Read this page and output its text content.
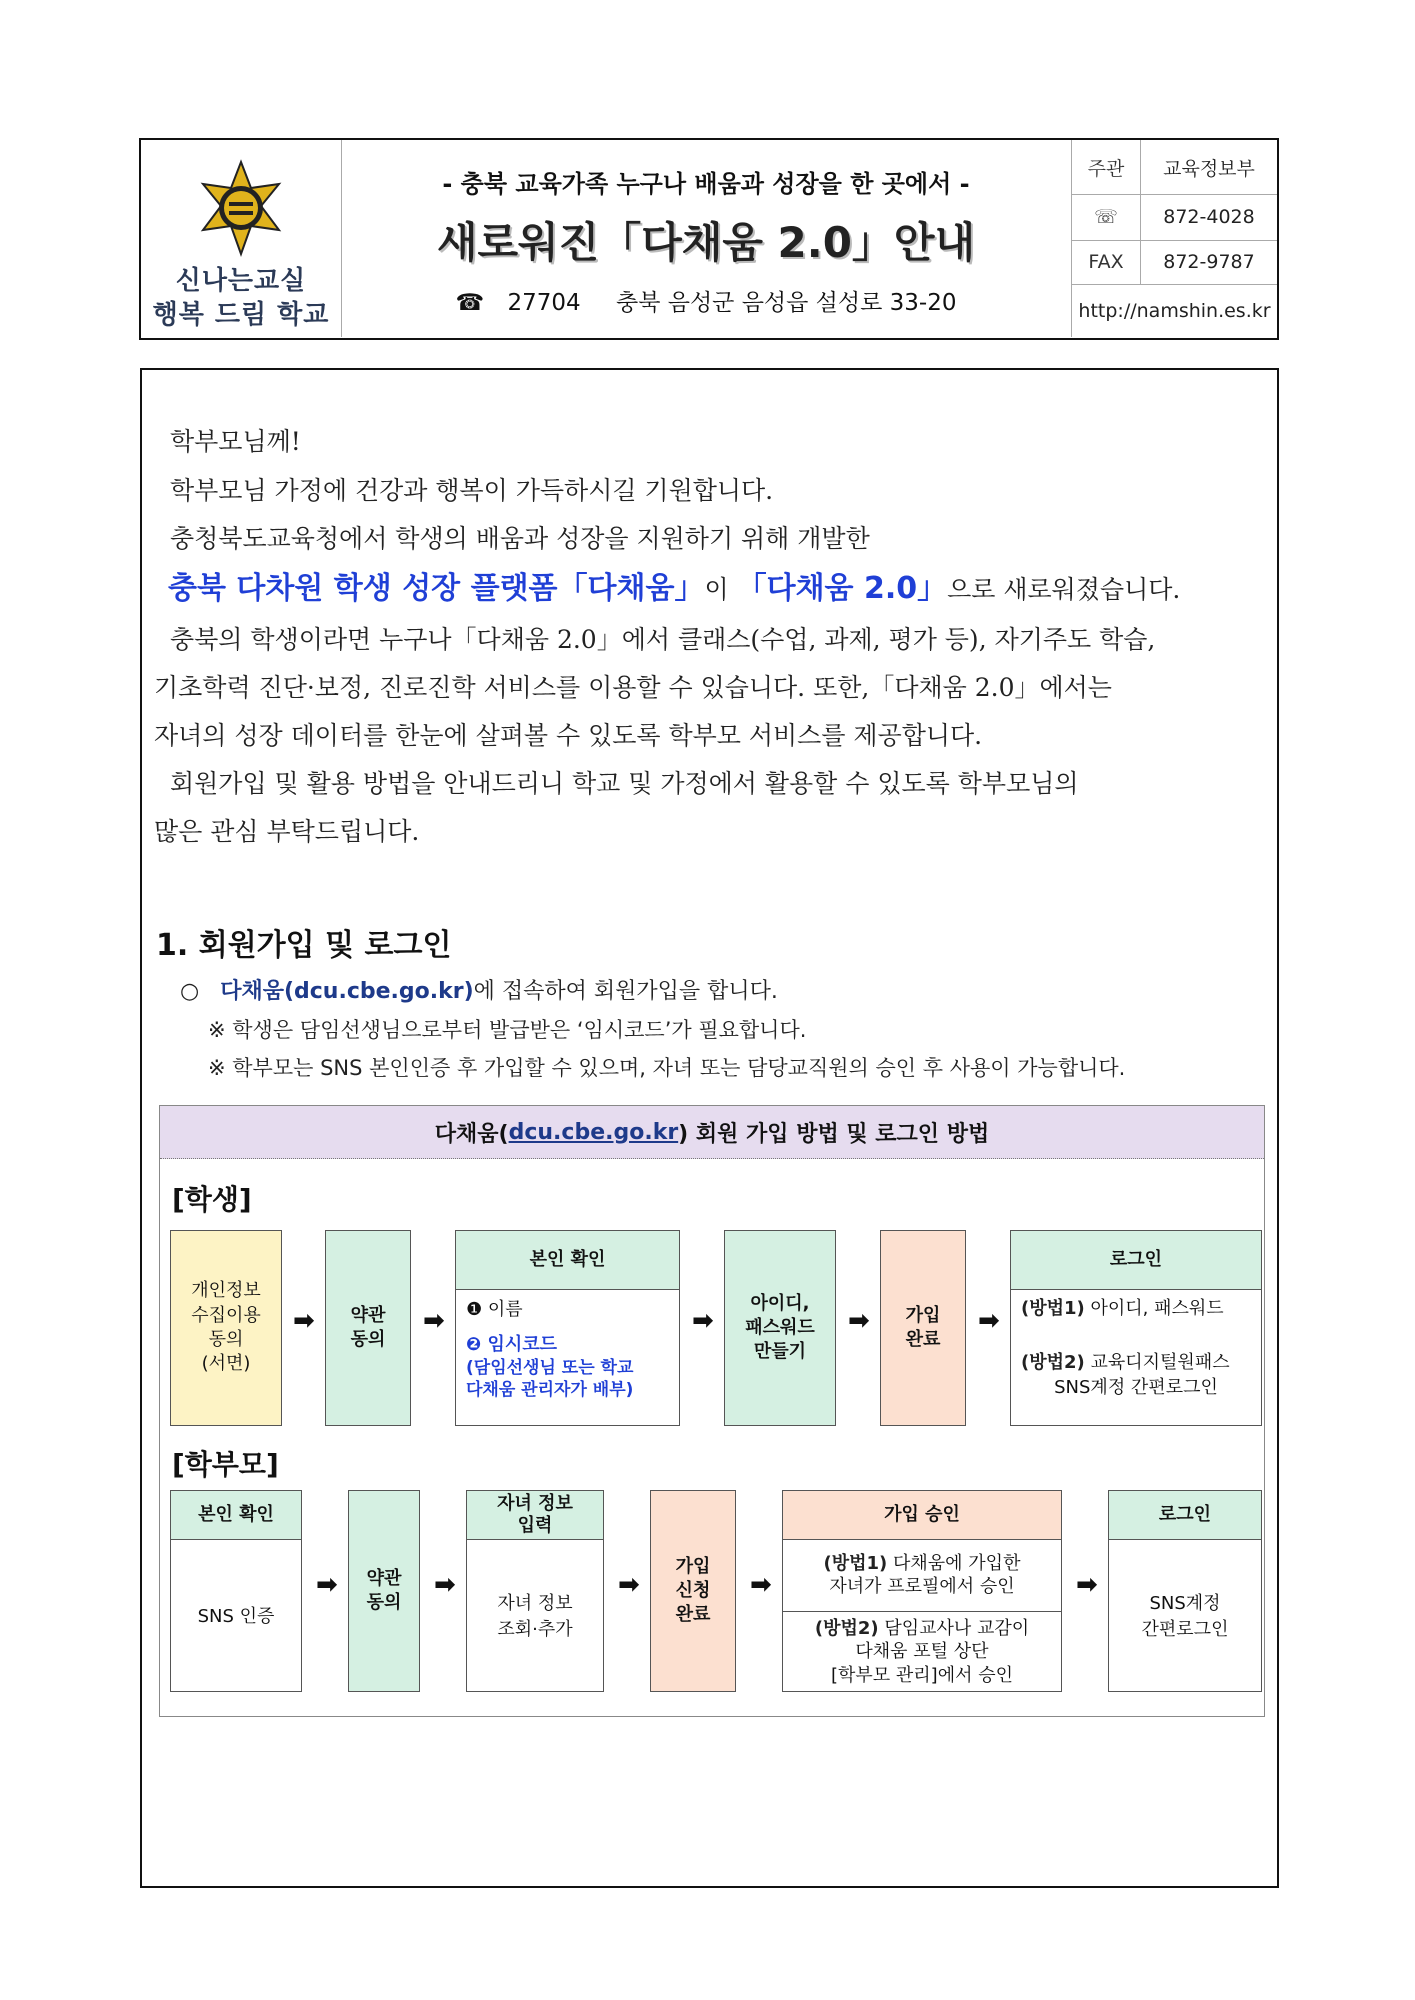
신나는교실
행복 드림 학교
- 충북 교육가족 누구나 배움과 성장을 한 곳에서 -
새로워진「다채움 2.0」안내
☎ 27704 충북 음성군 음성읍 설성로 33-20
주관	교육정보부
☏	872-4028
FAX	872-9787
http://namshin.es.kr
학부모님께!
학부모님 가정에 건강과 행복이 가득하시길 기원합니다.
충청북도교육청에서 학생의 배움과 성장을 지원하기 위해 개발한
충북 다차원 학생 성장 플랫폼「다채움」이 「다채움 2.0」으로 새로워졌습니다.
충북의 학생이라면 누구나「다채움 2.0」에서 클래스(수업, 과제, 평가 등), 자기주도 학습,
기초학력 진단·보정, 진로진학 서비스를 이용할 수 있습니다. 또한,「다채움 2.0」에서는
자녀의 성장 데이터를 한눈에 살펴볼 수 있도록 학부모 서비스를 제공합니다.
회원가입 및 활용 방법을 안내드리니 학교 및 가정에서 활용할 수 있도록 학부모님의
많은 관심 부탁드립니다.
1. 회원가입 및 로그인
○ 다채움(dcu.cbe.go.kr)에 접속하여 회원가입을 합니다.
※ 학생은 담임선생님으로부터 발급받은 ‘임시코드’가 필요합니다.
※ 학부모는 SNS 본인인증 후 가입할 수 있으며, 자녀 또는 담당교직원의 승인 후 사용이 가능합니다.
다채움( dcu.cbe.go.kr ) 회원 가입 방법 및 로그인 방법
[학생]
개인정보
수집이용
동의
(서면)
➡ 약관
동의
➡
본인 확인
❶ 이름
❷ 임시코드
(담임선생님 또는 학교
다채움 관리자가 배부)
➡
아이디,
패스워드
만들기
➡ 가입
완료
➡
로그인
(방법1) 아이디, 패스워드
(방법2) 교육디지털원패스
SNS계정 간편로그인
[학부모]
본인 확인
SNS 인증
➡ 약관
동의
➡
자녀 정보
입력
자녀 정보
조회·추가
➡
가입
신청
완료
➡
가입 승인
(방법1) 다채움에 가입한
자녀가 프로필에서 승인
(방법2) 담임교사나 교감이
다채움 포털 상단
[학부모 관리]에서 승인
➡
로그인
SNS계정
간편로그인
